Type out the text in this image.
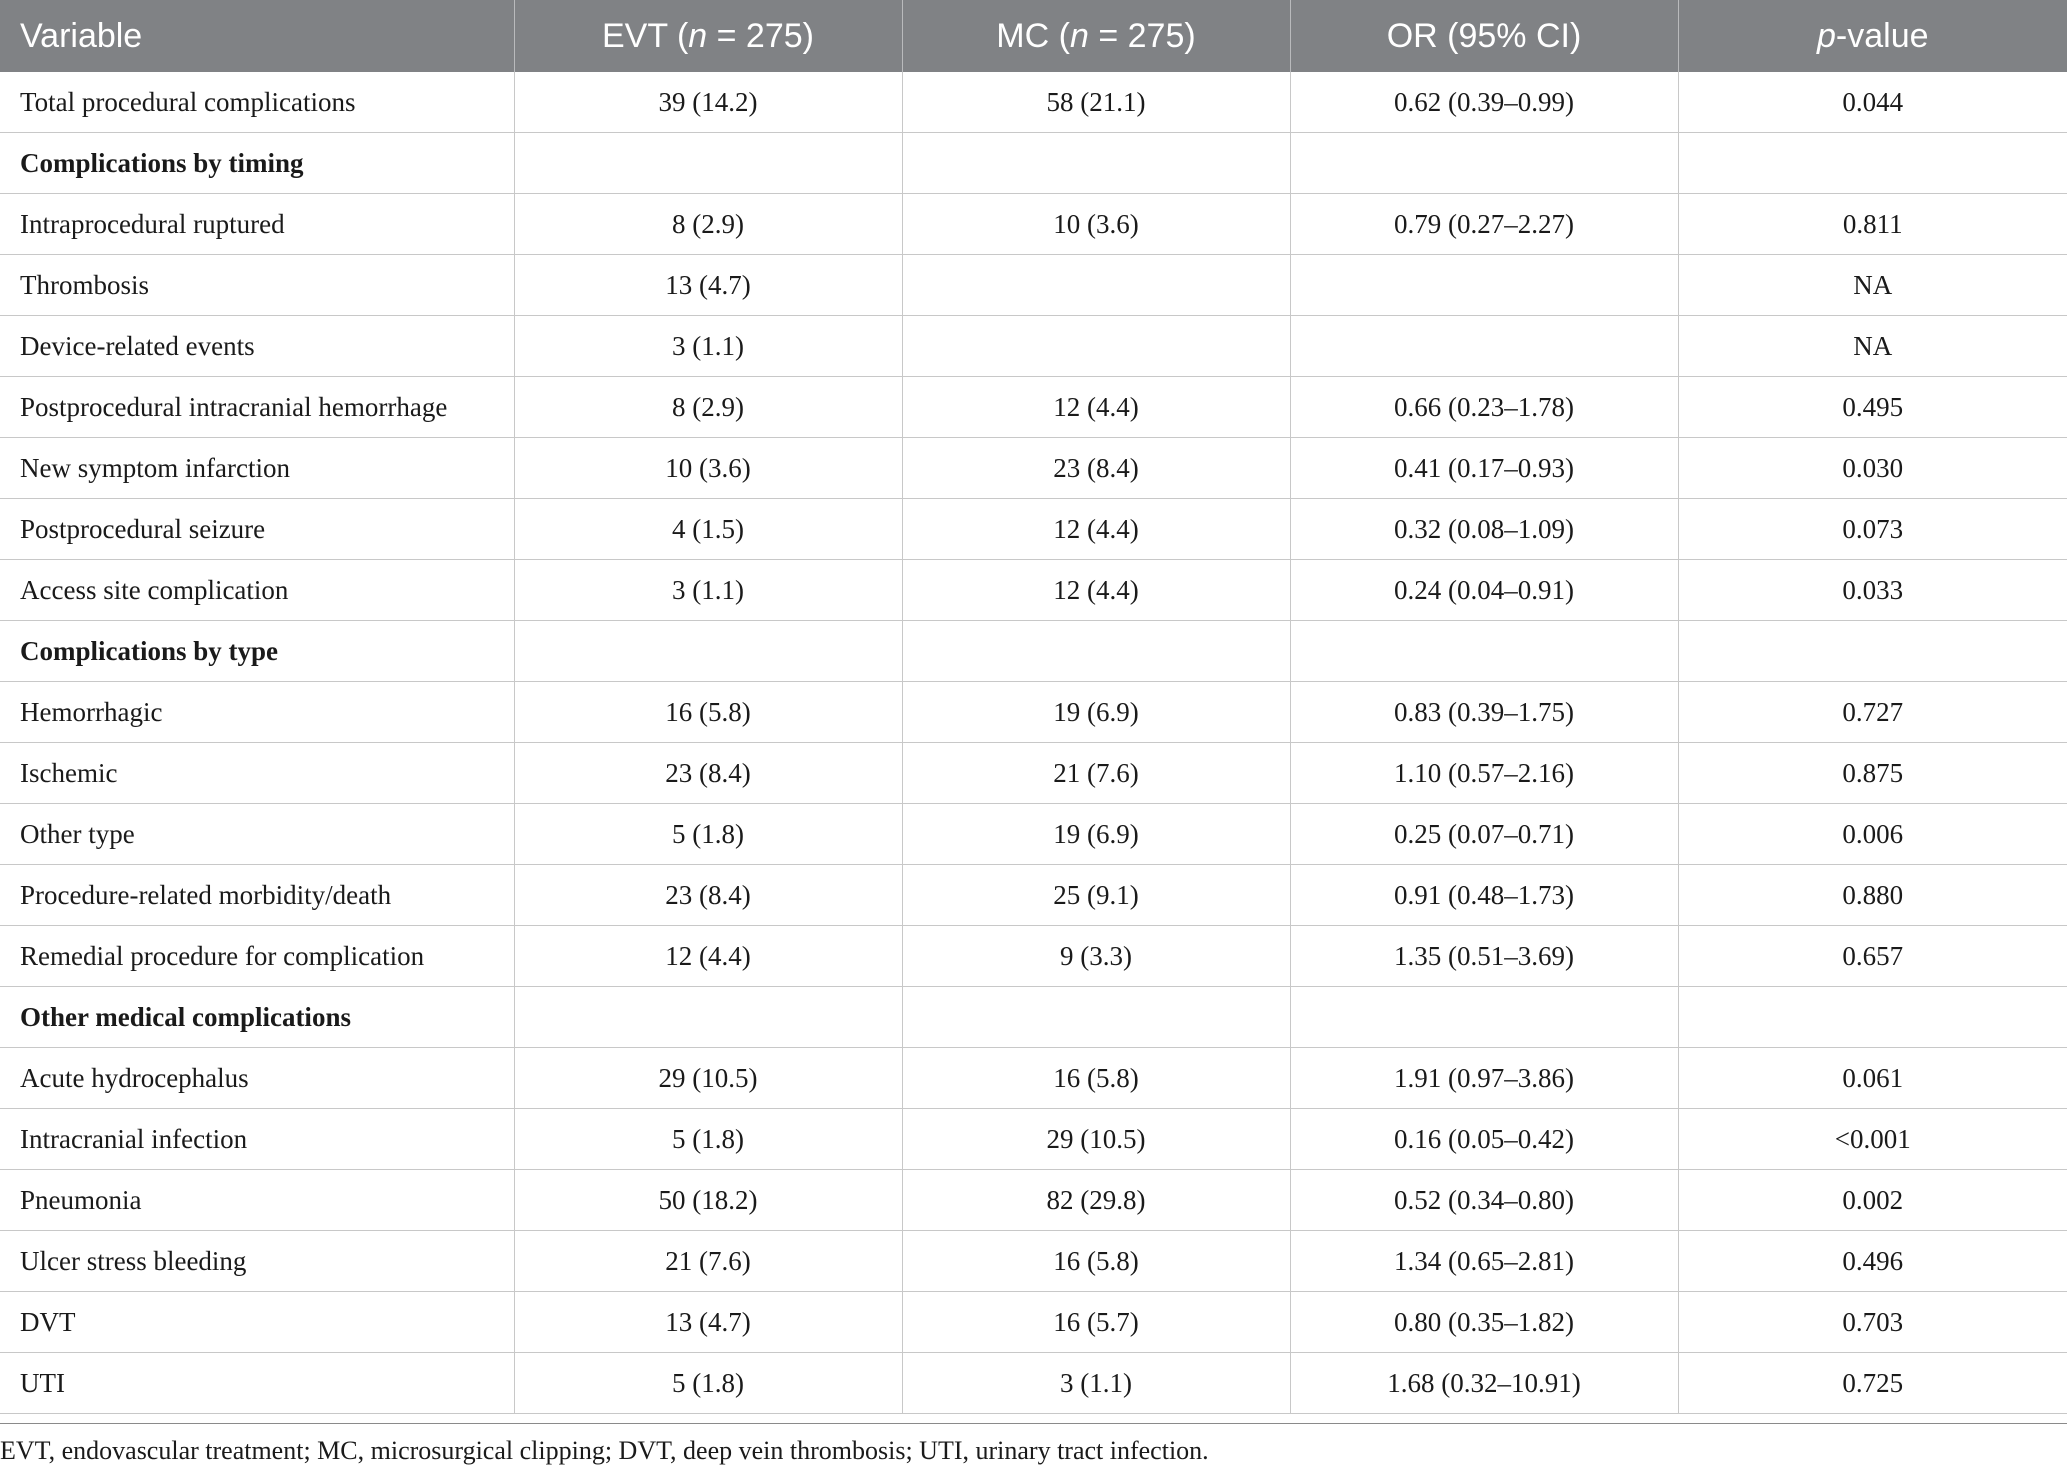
Variable	EVT (n = 275)	MC (n = 275)	OR (95% CI)	p-value
Total procedural complications	39 (14.2)	58 (21.1)	0.62 (0.39–0.99)	0.044
Complications by timing				
Intraprocedural ruptured	8 (2.9)	10 (3.6)	0.79 (0.27–2.27)	0.811
Thrombosis	13 (4.7)			NA
Device-related events	3 (1.1)			NA
Postprocedural intracranial hemorrhage	8 (2.9)	12 (4.4)	0.66 (0.23–1.78)	0.495
New symptom infarction	10 (3.6)	23 (8.4)	0.41 (0.17–0.93)	0.030
Postprocedural seizure	4 (1.5)	12 (4.4)	0.32 (0.08–1.09)	0.073
Access site complication	3 (1.1)	12 (4.4)	0.24 (0.04–0.91)	0.033
Complications by type				
Hemorrhagic	16 (5.8)	19 (6.9)	0.83 (0.39–1.75)	0.727
Ischemic	23 (8.4)	21 (7.6)	1.10 (0.57–2.16)	0.875
Other type	5 (1.8)	19 (6.9)	0.25 (0.07–0.71)	0.006
Procedure-related morbidity/death	23 (8.4)	25 (9.1)	0.91 (0.48–1.73)	0.880
Remedial procedure for complication	12 (4.4)	9 (3.3)	1.35 (0.51–3.69)	0.657
Other medical complications				
Acute hydrocephalus	29 (10.5)	16 (5.8)	1.91 (0.97–3.86)	0.061
Intracranial infection	5 (1.8)	29 (10.5)	0.16 (0.05–0.42)	<0.001
Pneumonia	50 (18.2)	82 (29.8)	0.52 (0.34–0.80)	0.002
Ulcer stress bleeding	21 (7.6)	16 (5.8)	1.34 (0.65–2.81)	0.496
DVT	13 (4.7)	16 (5.7)	0.80 (0.35–1.82)	0.703
UTI	5 (1.8)	3 (1.1)	1.68 (0.32–10.91)	0.725
EVT, endovascular treatment; MC, microsurgical clipping; DVT, deep vein thrombosis; UTI, urinary tract infection.
